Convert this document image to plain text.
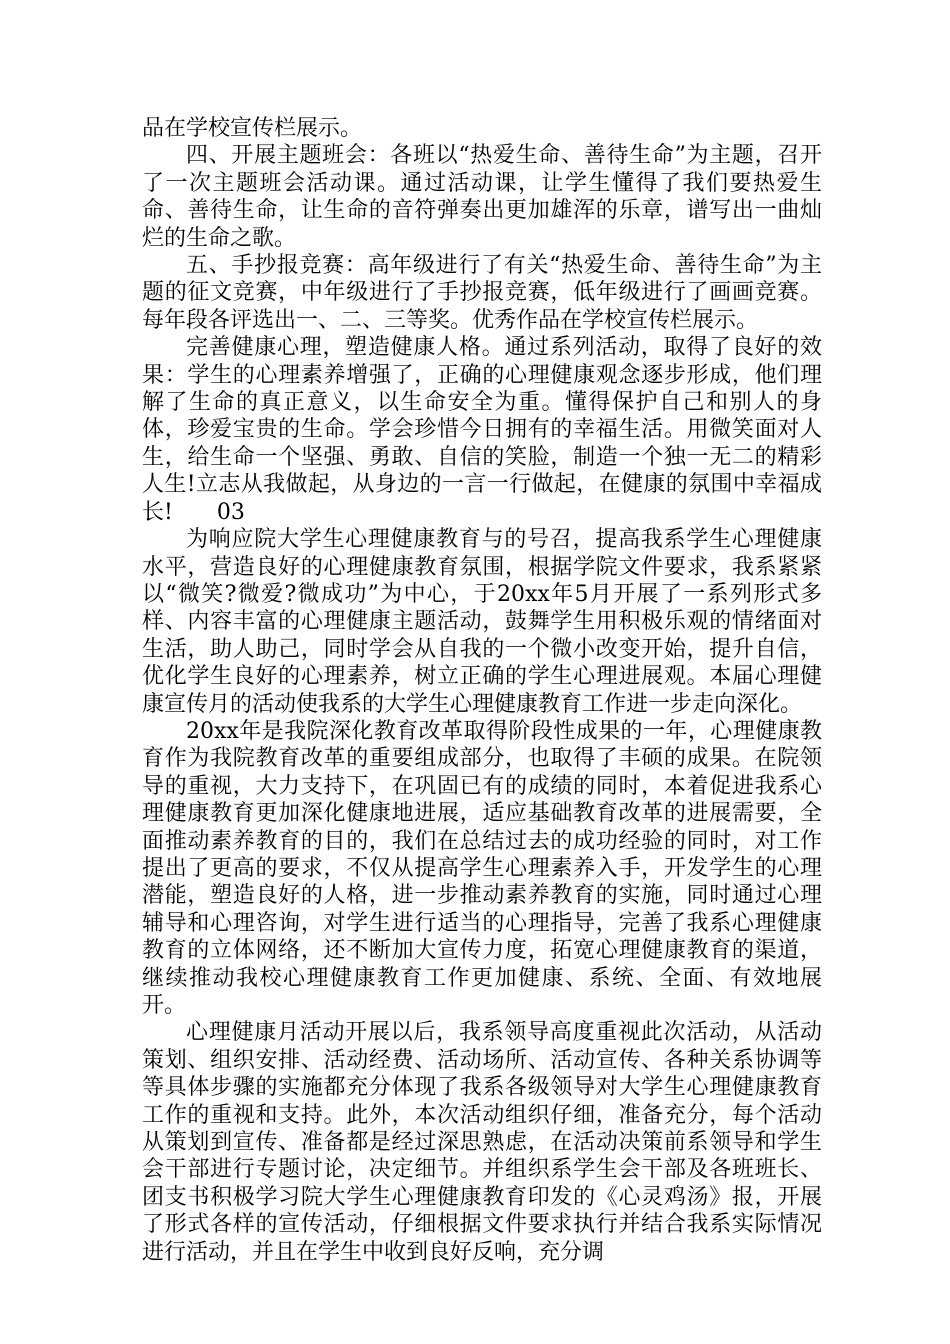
品在学校宣传栏展示。

四、开展主题班会：各班以“热爱生命、善待生命”为主题，召开了一次主题班会活动课。通过活动课，让学生懂得了我们要热爱生命、善待生命，让生命的音符弹奏出更加雄浑的乐章，谱写出一曲灿烂的生命之歌。

五、手抄报竞赛：高年级进行了有关“热爱生命、善待生命”为主题的征文竞赛，中年级进行了手抄报竞赛，低年级进行了画画竞赛。每年段各评选出一、二、三等奖。优秀作品在学校宣传栏展示。

完善健康心理，塑造健康人格。通过系列活动，取得了良好的效果：学生的心理素养增强了，正确的心理健康观念逐步形成，他们理解了生命的真正意义，以生命安全为重。懂得保护自己和别人的身体，珍爱宝贵的生命。学会珍惜今日拥有的幸福生活。用微笑面对人生，给生命一个坚强、勇敢、自信的笑脸，制造一个独一无二的精彩人生!立志从我做起，从身边的一言一行做起，在健康的氛围中幸福成长!　　03

为响应院大学生心理健康教育与的号召，提高我系学生心理健康水平，营造良好的心理健康教育氛围，根据学院文件要求，我系紧紧以“微笑?微爱?微成功”为中心，于20xx年5月开展了一系列形式多样、内容丰富的心理健康主题活动，鼓舞学生用积极乐观的情绪面对生活，助人助己，同时学会从自我的一个微小改变开始，提升自信，优化学生良好的心理素养，树立正确的学生心理进展观。本届心理健康宣传月的活动使我系的大学生心理健康教育工作进一步走向深化。

20xx年是我院深化教育改革取得阶段性成果的一年，心理健康教育作为我院教育改革的重要组成部分，也取得了丰硕的成果。在院领导的重视，大力支持下，在巩固已有的成绩的同时，本着促进我系心理健康教育更加深化健康地进展，适应基础教育改革的进展需要，全面推动素养教育的目的，我们在总结过去的成功经验的同时，对工作提出了更高的要求，不仅从提高学生心理素养入手，开发学生的心理潜能，塑造良好的人格，进一步推动素养教育的实施，同时通过心理辅导和心理咨询，对学生进行适当的心理指导，完善了我系心理健康教育的立体网络，还不断加大宣传力度，拓宽心理健康教育的渠道，继续推动我校心理健康教育工作更加健康、系统、全面、有效地展开。

心理健康月活动开展以后，我系领导高度重视此次活动，从活动策划、组织安排、活动经费、活动场所、活动宣传、各种关系协调等等具体步骤的实施都充分体现了我系各级领导对大学生心理健康教育工作的重视和支持。此外，本次活动组织仔细，准备充分，每个活动从策划到宣传、准备都是经过深思熟虑，在活动决策前系领导和学生会干部进行专题讨论，决定细节。并组织系学生会干部及各班班长、团支书积极学习院大学生心理健康教育印发的《心灵鸡汤》报，开展了形式各样的宣传活动，仔细根据文件要求执行并结合我系实际情况进行活动，并且在学生中收到良好反响，充分调
